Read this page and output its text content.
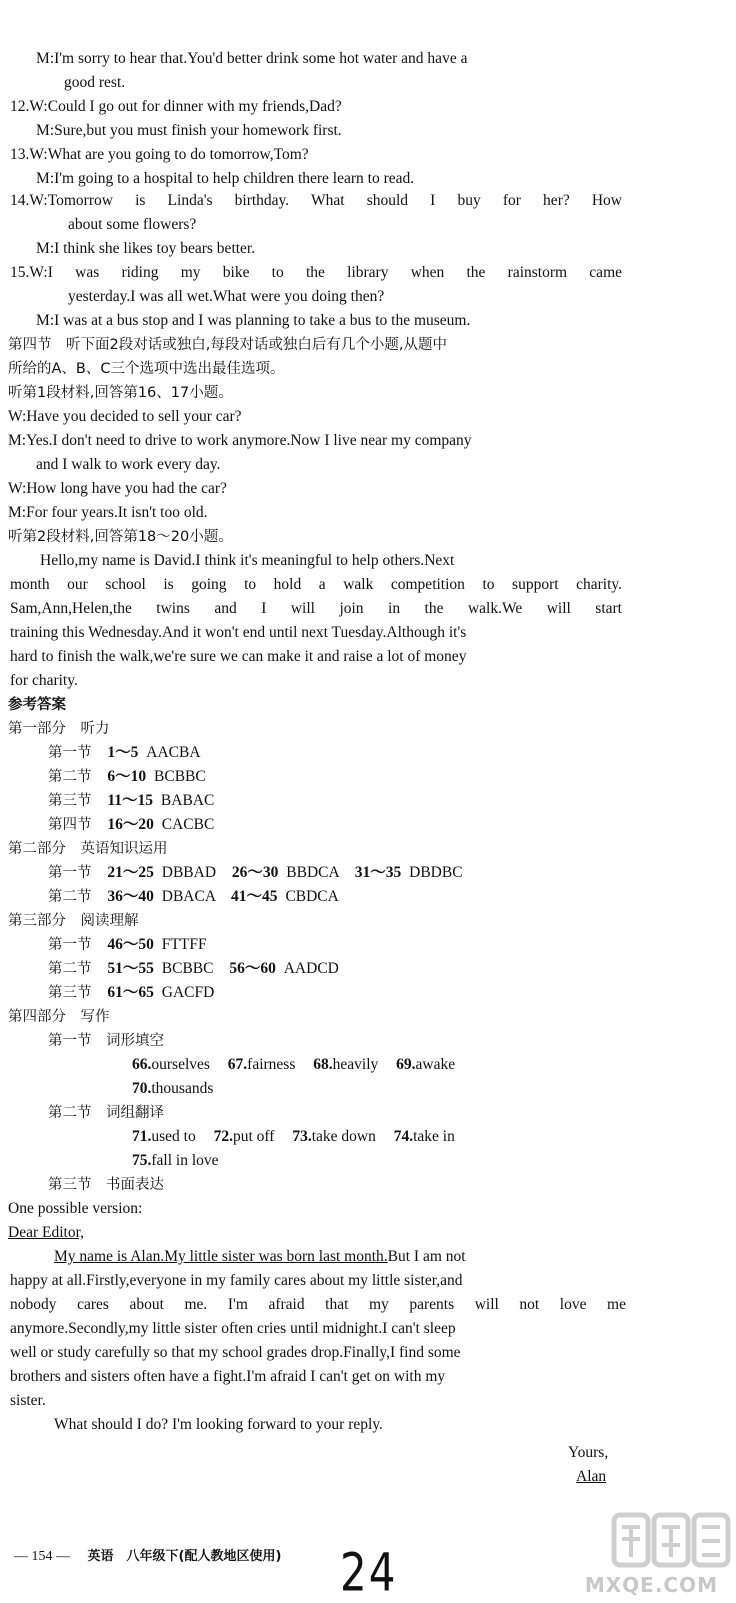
M:I'm sorry to hear that.You'd better drink some hot water and have a
good rest.
12.W:Could I go out for dinner with my friends,Dad?
M:Sure,but you must finish your homework first.
13.W:What are you going to do tomorrow,Tom?
M:I'm going to a hospital to help children there learn to read.
14.W:Tomorrow is Linda's birthday. What should I buy for her? How
about some flowers?
M:I think she likes toy bears better.
15.W:I was riding my bike to the library when the rainstorm came
yesterday.I was all wet.What were you doing then?
M:I was at a bus stop and I was planning to take a bus to the museum.
第四节　听下面2段对话或独白,每段对话或独白后有几个小题,从题中
所给的A、B、C三个选项中选出最佳选项。
听第1段材料,回答第16、17小题。
W:Have you decided to sell your car?
M:Yes.I don't need to drive to work anymore.Now I live near my company
and I walk to work every day.
W:How long have you had the car?
M:For four years.It isn't too old.
听第2段材料,回答第18～20小题。
Hello,my name is David.I think it's meaningful to help others.Next
month our school is going to hold a walk competition to support charity.
Sam,Ann,Helen,the twins and I will join in the walk.We will start
training this Wednesday.And it won't end until next Tuesday.Although it's
hard to finish the walk,we're sure we can make it and raise a lot of money
for charity.
参考答案
第一部分　听力
第一节 1～5 AACBA
第二节 6～10 BCBBC
第三节 11～15 BABAC
第四节 16～20 CACBC
第二部分　英语知识运用
第一节 21～25 DBBAD 26～30 BBDCA 31～35 DBDBC
第二节 36～40 DBACA 41～45 CBDCA
第三部分　阅读理解
第一节 46～50 FTTFF
第二节 51～55 BCBBC 56～60 AADCD
第三节 61～65 GACFD
第四部分　写作
第一节　词形填空
66.ourselves 67.fairness 68.heavily 69.awake
70.thousands
第二节　词组翻译
71.used to 72.put off 73.take down 74.take in
75.fall in love
第三节　书面表达
One possible version:
Dear Editor,
My name is Alan.My little sister was born last month.But I am not
happy at all.Firstly,everyone in my family cares about my little sister,and
nobody cares about me. I'm afraid that my parents will not love me
anymore.Secondly,my little sister often cries until midnight.I can't sleep
well or study carefully so that my school grades drop.Finally,I find some
brothers and sisters often have a fight.I'm afraid I can't get on with my
sister.
What should I do? I'm looking forward to your reply.
Yours,
Alan
— 154 — 英语　八年级下(配人教地区使用) 24	MXQE.COM
